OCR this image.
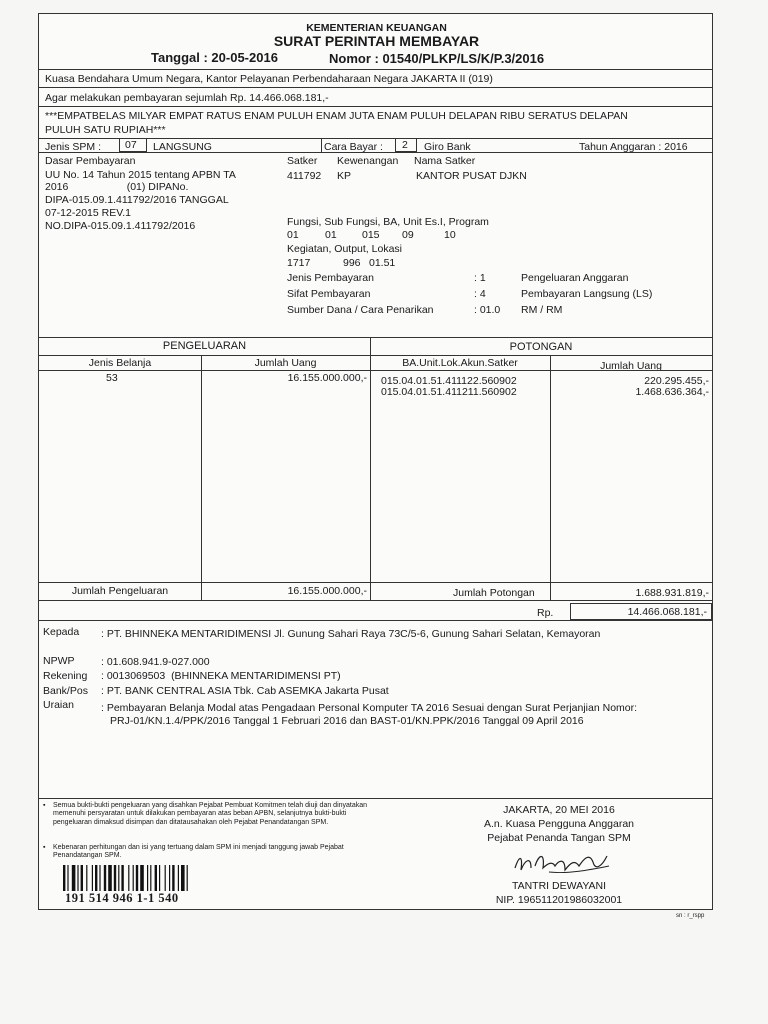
KEMENTERIAN KEUANGAN
SURAT PERINTAH MEMBAYAR
Tanggal : 20-05-2016	Nomor : 01540/PLKP/LS/K/P.3/2016
Kuasa Bendahara Umum Negara, Kantor Pelayanan Perbendaharaan Negara JAKARTA II (019)
Agar melakukan pembayaran sejumlah Rp. 14.466.068.181,-
***EMPATBELAS MILYAR EMPAT RATUS ENAM PULUH ENAM JUTA ENAM PULUH DELAPAN RIBU SERATUS DELAPAN
PULUH SATU RUPIAH***
Jenis SPM :	07	LANGSUNG	Cara Bayar :	2	Giro Bank	Tahun Anggaran : 2016
Dasar Pembayaran
UU No. 14 Tahun 2015 tentang APBN TA
2016                    (01) DIPANo.
DIPA-015.09.1.411792/2016 TANGGAL
07-12-2015 REV.1
NO.DIPA-015.09.1.411792/2016
Satker Kewenangan Nama Satker
411792 KP	KANTOR PUSAT DJKN
Fungsi, Sub Fungsi, BA, Unit Es.I, Program
01	01 015 09	10
Kegiatan, Output, Lokasi
1717	996 01.51
Jenis Pembayaran	: 1	Pengeluaran Anggaran
Sifat Pembayaran	: 4	Pembayaran Langsung (LS)
Sumber Dana / Cara Penarikan	: 01.0 RM / RM
PENGELUARAN	POTONGAN
Jenis Belanja	Jumlah Uang	BA.Unit.Lok.Akun.Satker	Jumlah Uang
53	16.155.000.000,- 015.04.01.51.411122.560902	220.295.455,-
015.04.01.51.411211.560902	1.468.636.364,-
Jumlah Pengeluaran	16.155.000.000,-	Jumlah Potongan	1.688.931.819,-
Rp.	14.466.068.181,-
Kepada : PT. BHINNEKA MENTARIDIMENSI Jl. Gunung Sahari Raya 73C/5-6, Gunung Sahari Selatan, Kemayoran
NPWP	: 01.608.941.9-027.000
Rekening : 0013069503  (BHINNEKA MENTARIDIMENSI PT)
Bank/Pos : PT. BANK CENTRAL ASIA Tbk. Cab ASEMKA Jakarta Pusat
Uraian	: Pembayaran Belanja Modal atas Pengadaan Personal Komputer TA 2016 Sesuai dengan Surat Perjanjian Nomor:
PRJ-01/KN.1.4/PPK/2016 Tanggal 1 Februari 2016 dan BAST-01/KN.PPK/2016 Tanggal 09 April 2016
▪ Semua bukti-bukti pengeluaran yang disahkan Pejabat Pembuat Komitmen telah diuji dan dinyatakan memenuhi persyaratan untuk dilakukan pembayaran atas beban APBN, selanjutnya bukti-bukti pengeluaran dimaksud disimpan dan ditatausahakan oleh Pejabat Penandatangan SPM.
▪ Kebenaran perhitungan dan isi yang tertuang dalam SPM ini menjadi tanggung jawab Pejabat Penandatangan SPM.
191 514 946 1-1 540
JAKARTA, 20 MEI 2016
A.n. Kuasa Pengguna Anggaran
Pejabat Penanda Tangan SPM
TANTRI DEWAYANI
NIP. 196511201986032001
sn : r_rspp
